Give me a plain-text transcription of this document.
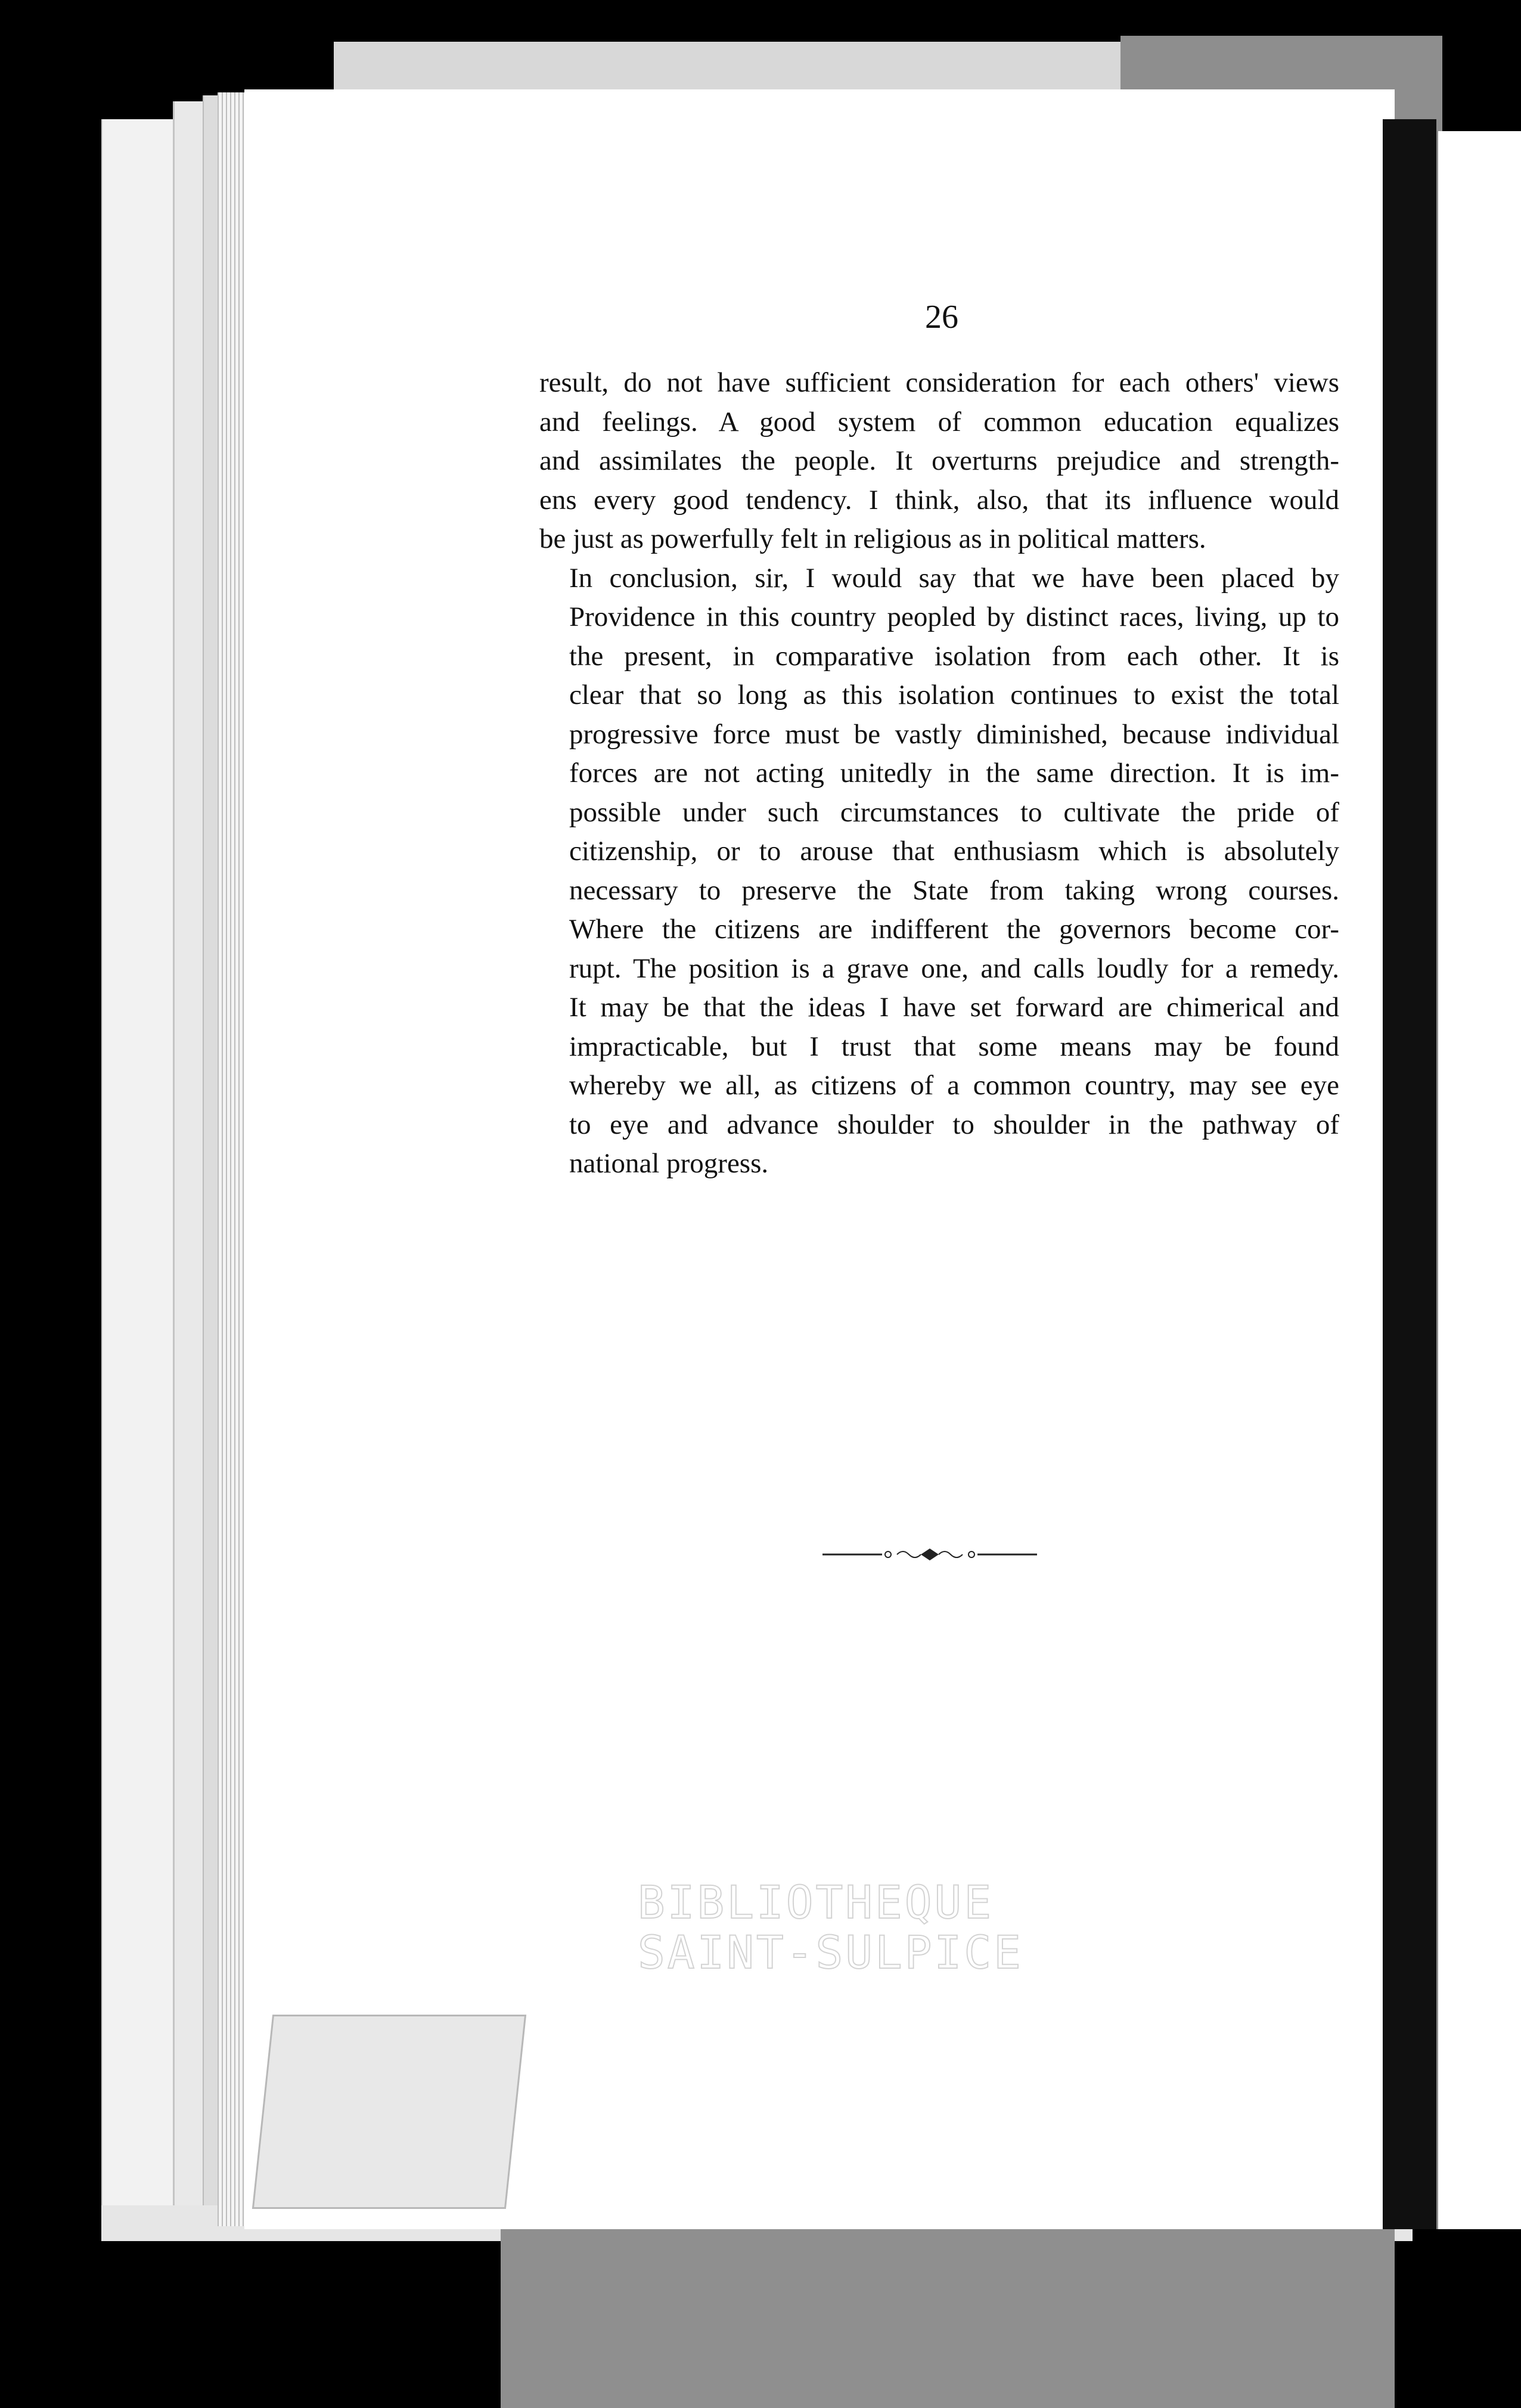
26

result, do not have sufficient consideration for each others' views
and feelings. A good system of common education equalizes
and assimilates the people. It overturns prejudice and strength-
ens every good tendency. I think, also, that its influence would
be just as powerfully felt in religious as in political matters.

In conclusion, sir, I would say that we have been placed by
Providence in this country peopled by distinct races, living, up to
the present, in comparative isolation from each other. It is
clear that so long as this isolation continues to exist the total
progressive force must be vastly diminished, because individual
forces are not acting unitedly in the same direction. It is im-
possible under such circumstances to cultivate the pride of
citizenship, or to arouse that enthusiasm which is absolutely
necessary to preserve the State from taking wrong courses.
Where the citizens are indifferent the governors become cor-
rupt. The position is a grave one, and calls loudly for a remedy.
It may be that the ideas I have set forward are chimerical and
impracticable, but I trust that some means may be found
whereby we all, as citizens of a common country, may see eye
to eye and advance shoulder to shoulder in the pathway of
national progress.

BIBLIOTHEQUE
SAINT-SULPICE
